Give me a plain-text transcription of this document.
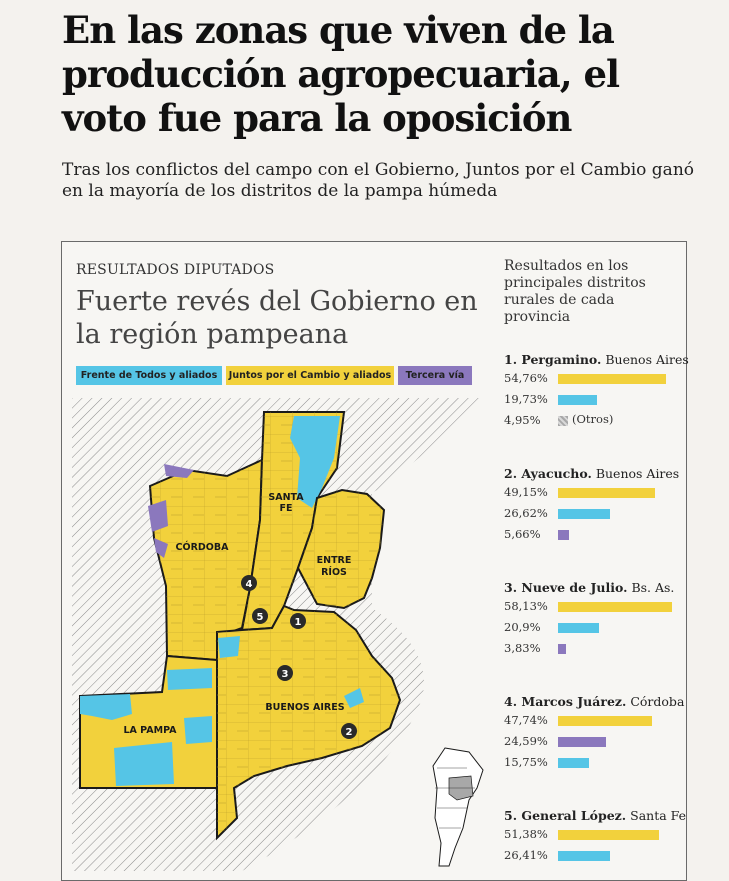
En las zonas que viven de la producción agropecuaria, el voto fue para la oposición

Tras los conflictos del campo con el Gobierno, Juntos por el Cambio ganó en la mayoría de los distritos de la pampa húmeda

RESULTADOS DIPUTADOS
Fuerte revés del Gobierno en la región pampeana
Frente de Todos y aliados	Juntos por el Cambio y aliados	Tercera vía
CÓRDOBA
SANTA
FE
ENTRE
RÍOS
BUENOS AIRES
LA PAMPA
1
2
3
4
5
Resultados en los principales distritos rurales de cada provincia
1. Pergamino. Buenos Aires
54,76%
19,73%
4,95%	(Otros)
2. Ayacucho. Buenos Aires
49,15%
26,62%
5,66%
3. Nueve de Julio. Bs. As.
58,13%
20,9%
3,83%
4. Marcos Juárez. Córdoba
47,74%
24,59%
15,75%
5. General López. Santa Fe
51,38%
26,41%
